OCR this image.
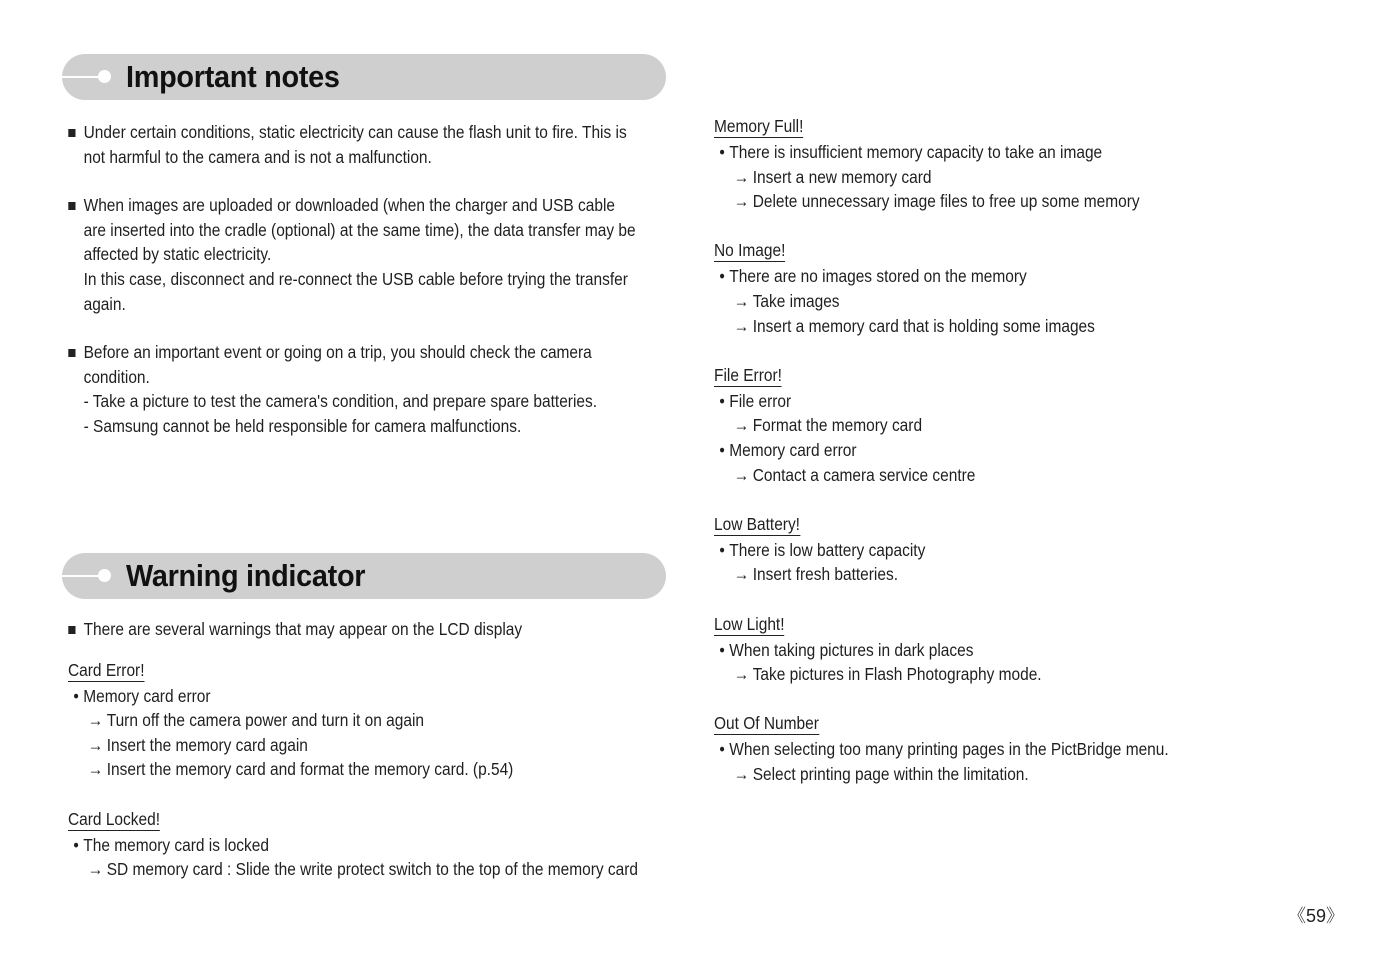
Important notes
Under certain conditions, static electricity can cause the flash unit to fire. This is
not harmful to the camera and is not a malfunction.
When images are uploaded or downloaded (when the charger and USB cable
are inserted into the cradle (optional) at the same time), the data transfer may be
affected by static electricity.
In this case, disconnect and re-connect the USB cable before trying the transfer
again.
Before an important event or going on a trip, you should check the camera
condition.
- Take a picture to test the camera's condition, and prepare spare batteries.
- Samsung cannot be held responsible for camera malfunctions.
Warning indicator
There are several warnings that may appear on the LCD display
Card Error!
• Memory card error
→ Turn off the camera power and turn it on again
→ Insert the memory card again
→ Insert the memory card and format the memory card. (p.54)
Card Locked!
• The memory card is locked
→ SD memory card : Slide the write protect switch to the top of the memory card
Memory Full!
• There is insufficient memory capacity to take an image
→ Insert a new memory card
→ Delete unnecessary image files to free up some memory
No Image!
• There are no images stored on the memory
→ Take images
→ Insert a memory card that is holding some images
File Error!
• File error
→ Format the memory card
• Memory card error
→ Contact a camera service centre
Low Battery!
• There is low battery capacity
→ Insert fresh batteries.
Low Light!
• When taking pictures in dark places
→ Take pictures in Flash Photography mode.
Out Of Number
• When selecting too many printing pages in the PictBridge menu.
→ Select printing page within the limitation.
《59》
